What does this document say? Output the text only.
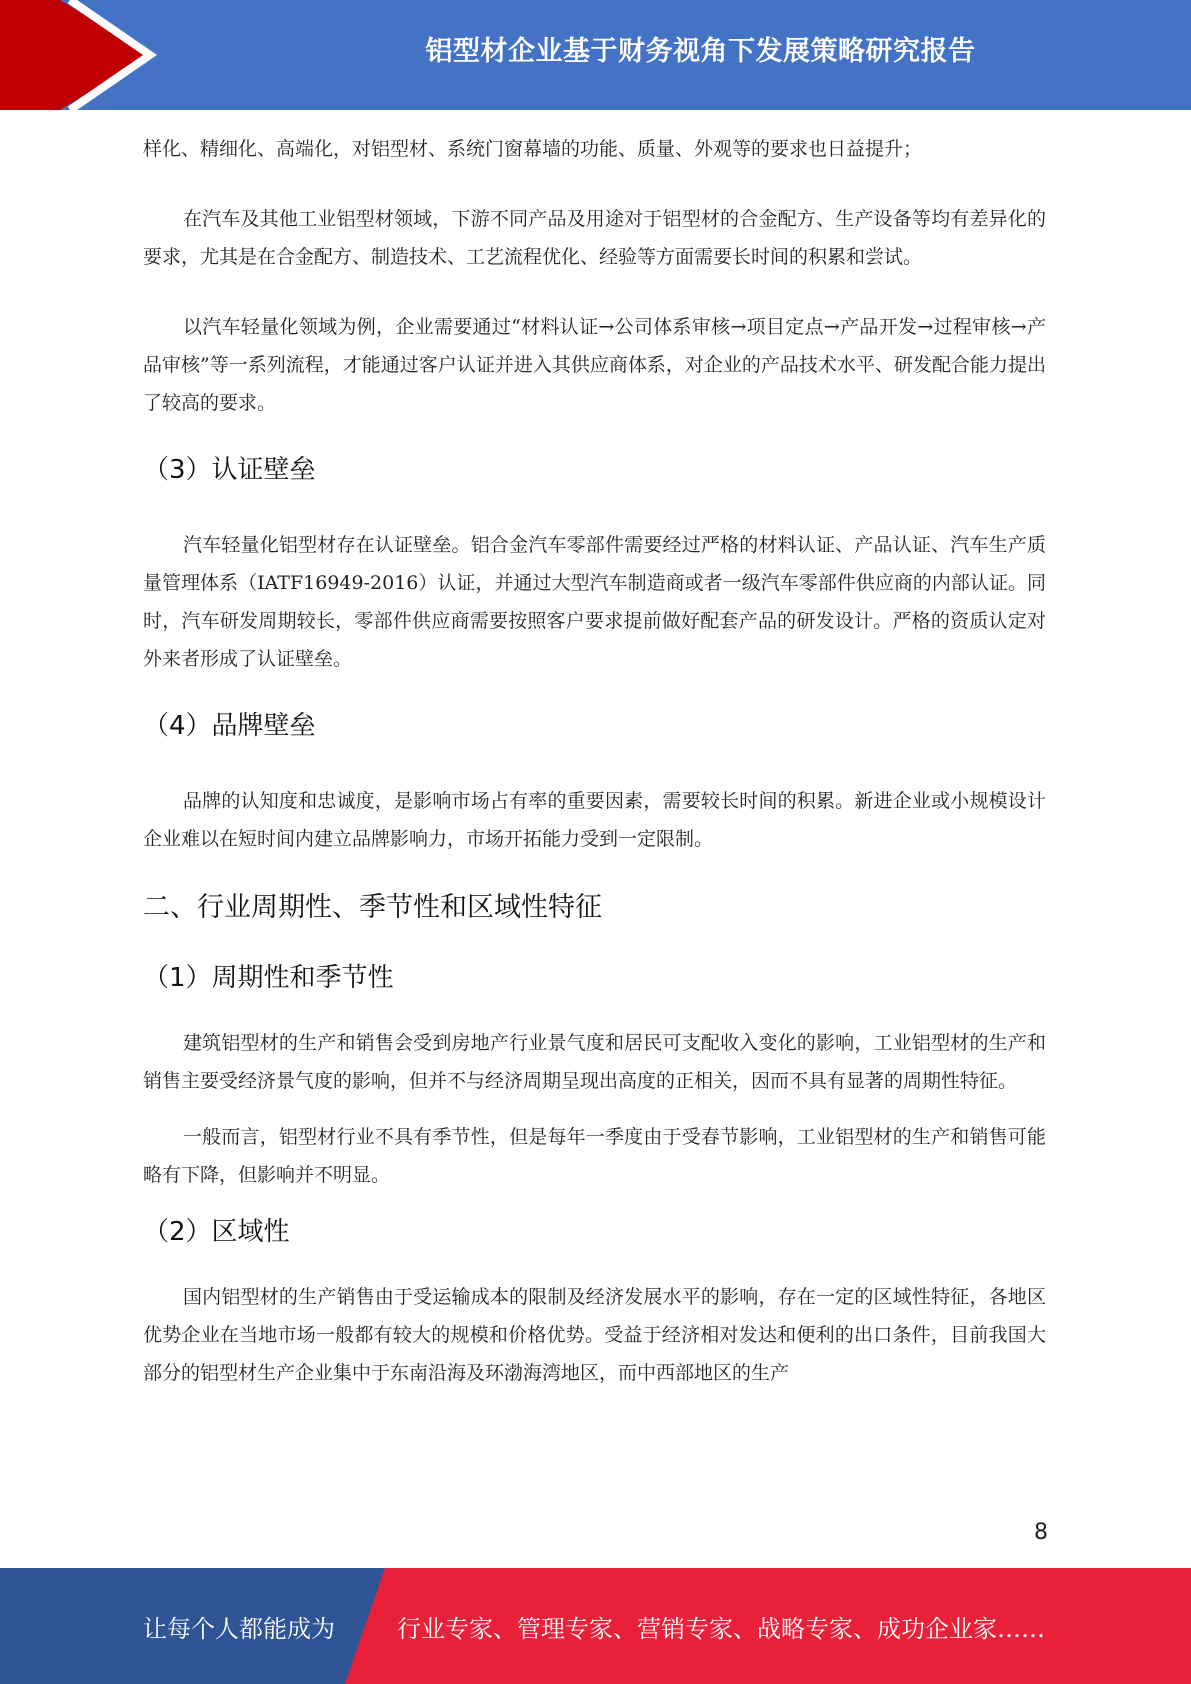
铝型材企业基于财务视角下发展策略研究报告

样化、精细化、高端化，对铝型材、系统门窗幕墙的功能、质量、外观等的要求也日益提升；

在汽车及其他工业铝型材领域，下游不同产品及用途对于铝型材的合金配方、生产设备等均有差异化的要求，尤其是在合金配方、制造技术、工艺流程优化、经验等方面需要长时间的积累和尝试。

以汽车轻量化领域为例，企业需要通过“材料认证→公司体系审核→项目定点→产品开发→过程审核→产品审核”等一系列流程，才能通过客户认证并进入其供应商体系，对企业的产品技术水平、研发配合能力提出了较高的要求。

（3）认证壁垒

汽车轻量化铝型材存在认证壁垒。铝合金汽车零部件需要经过严格的材料认证、产品认证、汽车生产质量管理体系（IATF16949-2016）认证，并通过大型汽车制造商或者一级汽车零部件供应商的内部认证。同时，汽车研发周期较长，零部件供应商需要按照客户要求提前做好配套产品的研发设计。严格的资质认定对外来者形成了认证壁垒。

（4）品牌壁垒

品牌的认知度和忠诚度，是影响市场占有率的重要因素，需要较长时间的积累。新进企业或小规模设计企业难以在短时间内建立品牌影响力，市场开拓能力受到一定限制。

二、行业周期性、季节性和区域性特征
（1）周期性和季节性

建筑铝型材的生产和销售会受到房地产行业景气度和居民可支配收入变化的影响，工业铝型材的生产和销售主要受经济景气度的影响，但并不与经济周期呈现出高度的正相关，因而不具有显著的周期性特征。

一般而言，铝型材行业不具有季节性，但是每年一季度由于受春节影响，工业铝型材的生产和销售可能略有下降，但影响并不明显。

（2）区域性

国内铝型材的生产销售由于受运输成本的限制及经济发展水平的影响，存在一定的区域性特征，各地区优势企业在当地市场一般都有较大的规模和价格优势。受益于经济相对发达和便利的出口条件，目前我国大部分的铝型材生产企业集中于东南沿海及环渤海湾地区，而中西部地区的生产

8
让每个人都能成为	行业专家、管理专家、营销专家、战略专家、成功企业家……
